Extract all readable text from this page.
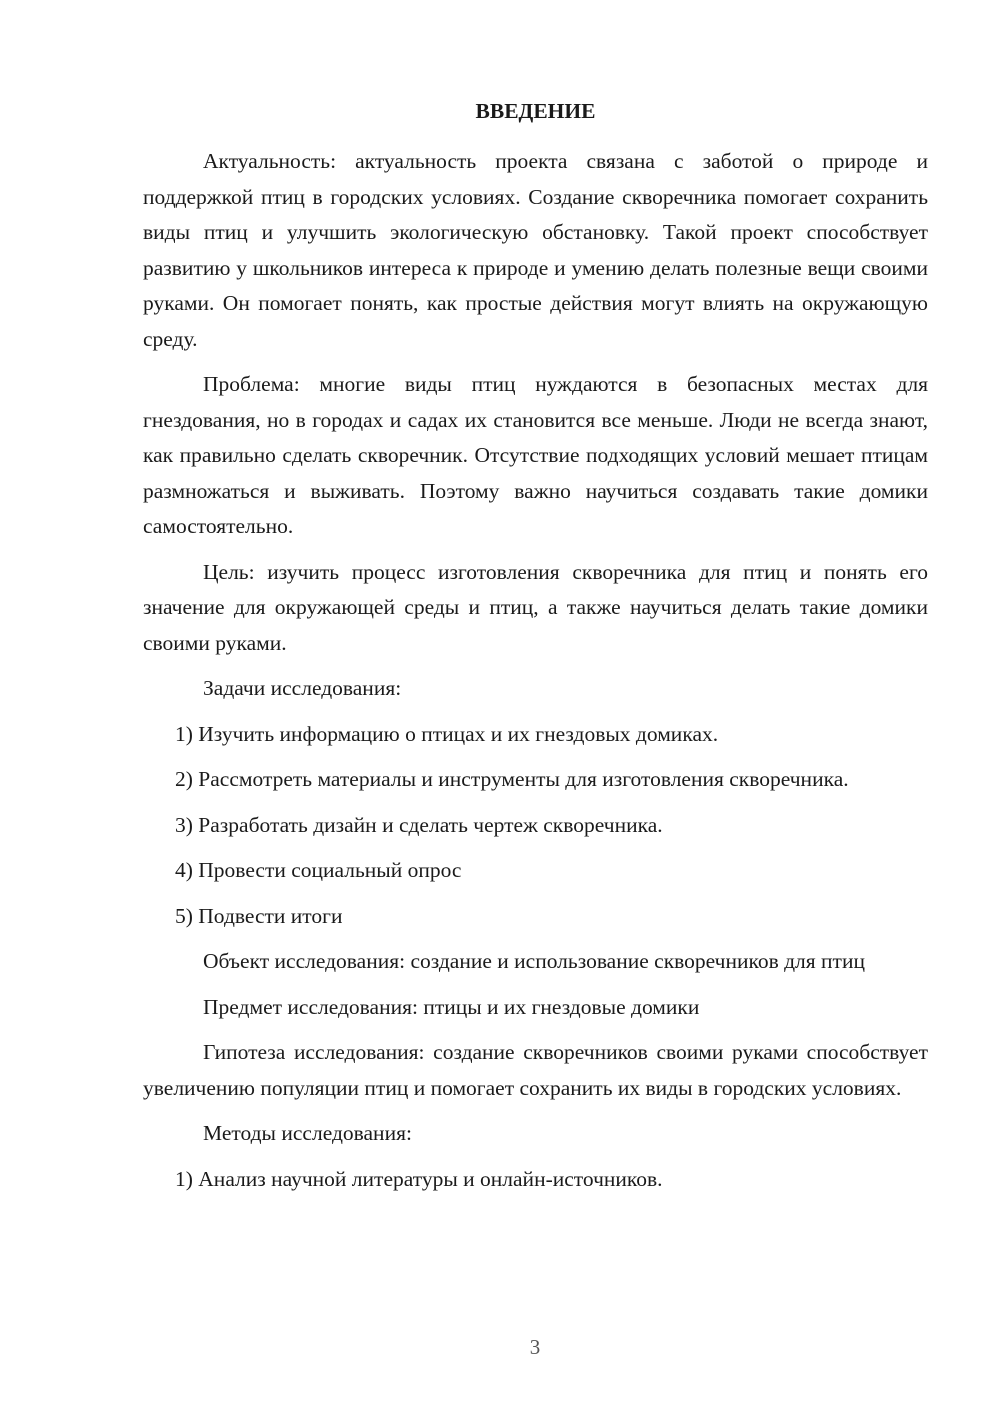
ВВЕДЕНИЕ

Актуальность: актуальность проекта связана с заботой о природе и поддержкой птиц в городских условиях. Создание скворечника помогает сохранить виды птиц и улучшить экологическую обстановку. Такой проект способствует развитию у школьников интереса к природе и умению делать полезные вещи своими руками. Он помогает понять, как простые действия могут влиять на окружающую среду.

Проблема: многие виды птиц нуждаются в безопасных местах для гнездования, но в городах и садах их становится все меньше. Люди не всегда знают, как правильно сделать скворечник. Отсутствие подходящих условий мешает птицам размножаться и выживать. Поэтому важно научиться создавать такие домики самостоятельно.

Цель: изучить процесс изготовления скворечника для птиц и понять его значение для окружающей среды и птиц, а также научиться делать такие домики своими руками.

Задачи исследования:

1) Изучить информацию о птицах и их гнездовых домиках.

2) Рассмотреть материалы и инструменты для изготовления скворечника.

3) Разработать дизайн и сделать чертеж скворечника.

4) Провести социальный опрос

5) Подвести итоги

Объект исследования: создание и использование скворечников для птиц

Предмет исследования: птицы и их гнездовые домики

Гипотеза исследования: создание скворечников своими руками способствует увеличению популяции птиц и помогает сохранить их виды в городских условиях.

Методы исследования:

1) Анализ научной литературы и онлайн-источников.

3
